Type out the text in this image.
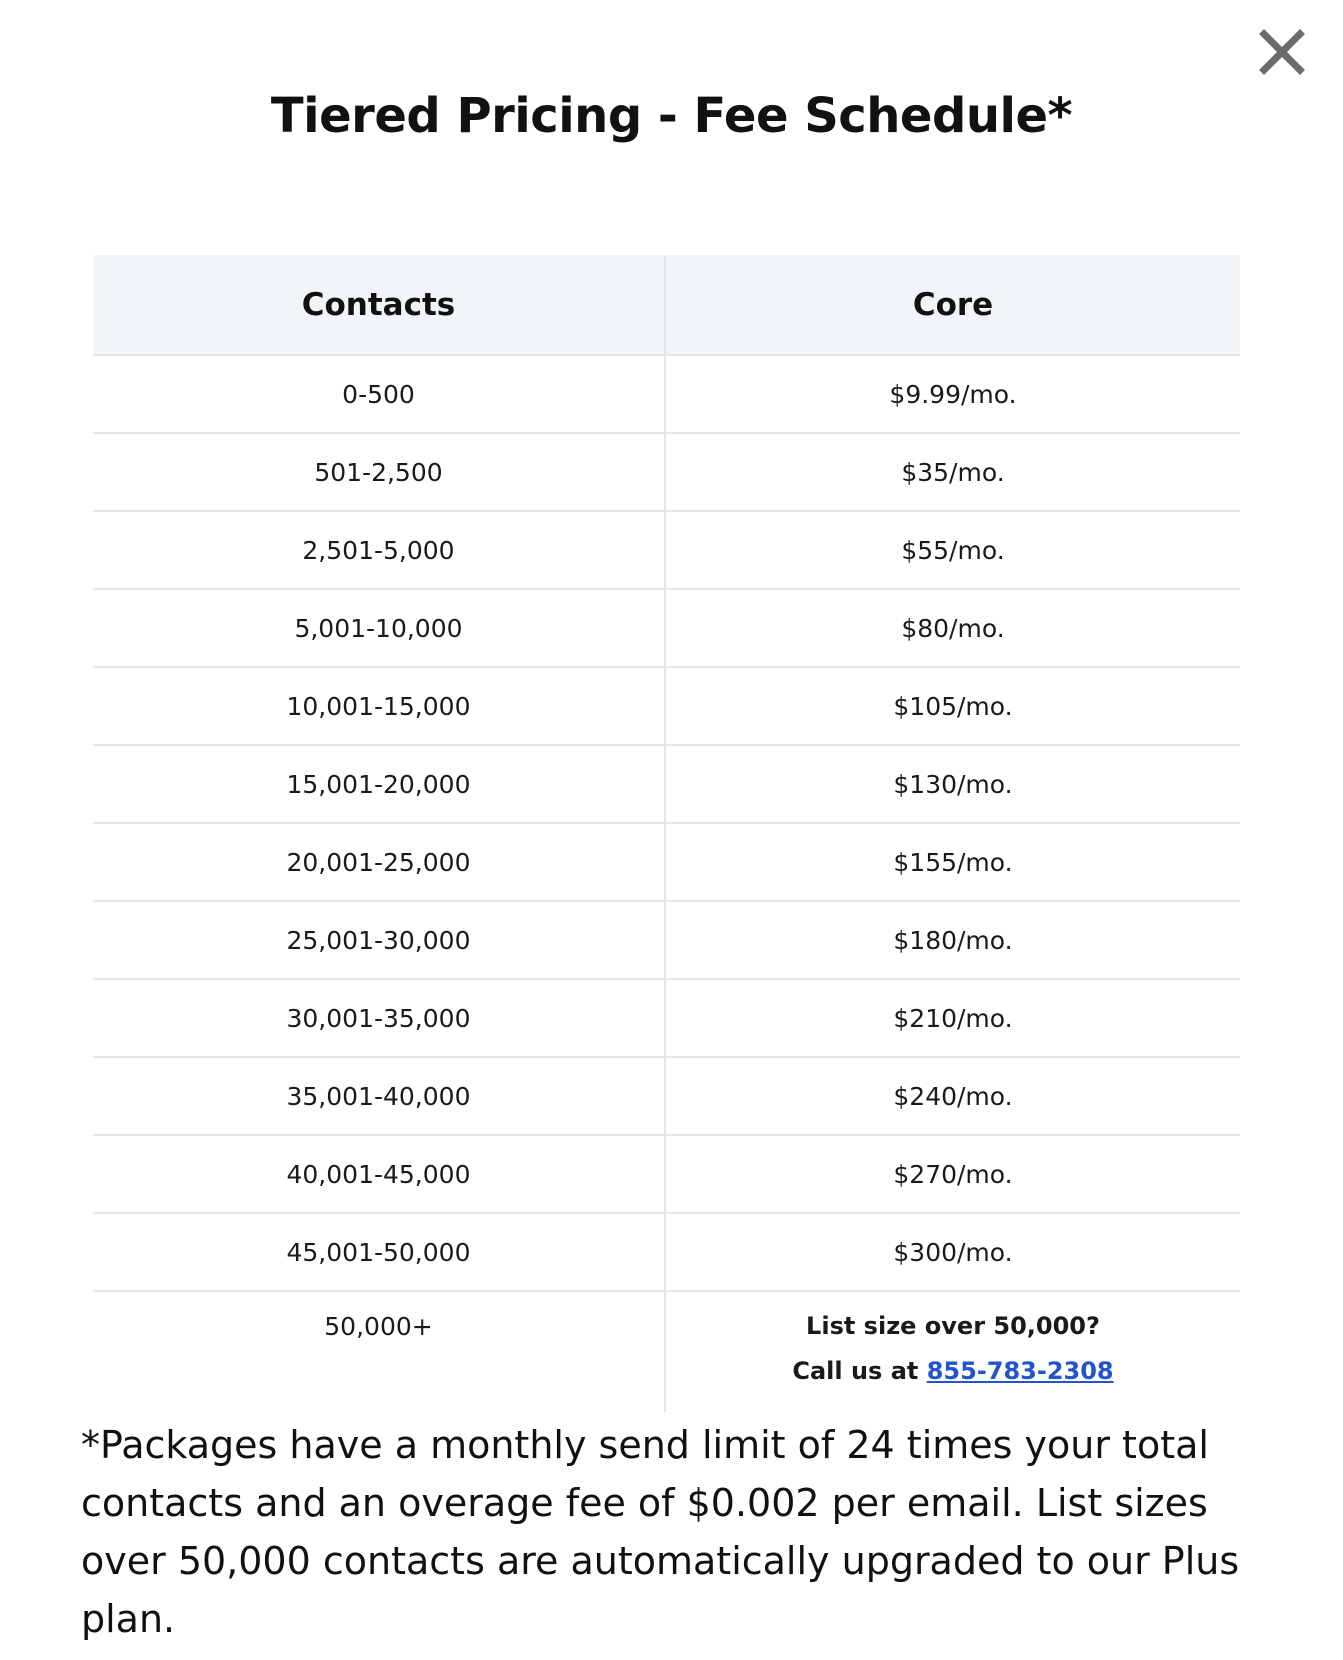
Tiered Pricing - Fee Schedule*
Contacts	Core
0-500	$9.99/mo.
501-2,500	$35/mo.
2,501-5,000	$55/mo.
5,001-10,000	$80/mo.
10,001-15,000	$105/mo.
15,001-20,000	$130/mo.
20,001-25,000	$155/mo.
25,001-30,000	$180/mo.
30,001-35,000	$210/mo.
35,001-40,000	$240/mo.
40,001-45,000	$270/mo.
45,001-50,000	$300/mo.
50,000+	List size over 50,000?
Call us at 855-783-2308

*Packages have a monthly send limit of 24 times your total contacts and an overage fee of $0.002 per email. List sizes over 50,000 contacts are automatically upgraded to our Plus plan.
